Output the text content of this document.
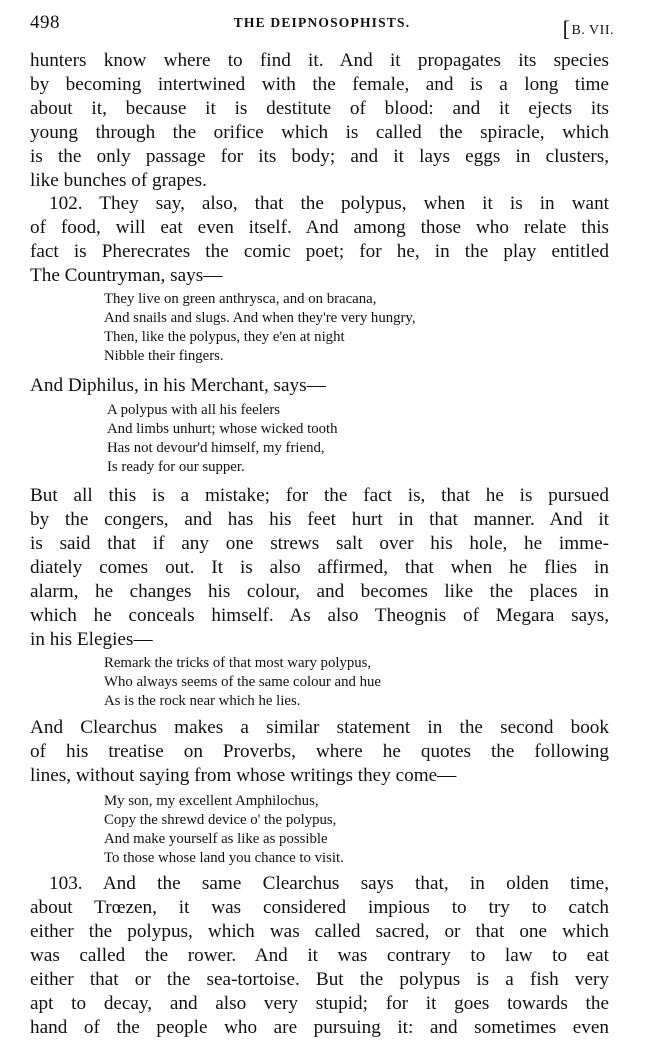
498	THE DEIPNOSOPHISTS.	[B. VII.
hunters know where to find it. And it propagates its species
by becoming intertwined with the female, and is a long time
about it, because it is destitute of blood: and it ejects its
young through the orifice which is called the spiracle, which
is the only passage for its body; and it lays eggs in clusters,
like bunches of grapes.
102. They say, also, that the polypus, when it is in want
of food, will eat even itself. And among those who relate this
fact is Pherecrates the comic poet; for he, in the play entitled
The Countryman, says—
They live on green anthrysca, and on bracana,
And snails and slugs. And when they're very hungry,
Then, like the polypus, they e'en at night
Nibble their fingers.
And Diphilus, in his Merchant, says—
A polypus with all his feelers
And limbs unhurt; whose wicked tooth
Has not devour'd himself, my friend,
Is ready for our supper.
But all this is a mistake; for the fact is, that he is pursued
by the congers, and has his feet hurt in that manner. And it
is said that if any one strews salt over his hole, he imme-
diately comes out. It is also affirmed, that when he flies in
alarm, he changes his colour, and becomes like the places in
which he conceals himself. As also Theognis of Megara says,
in his Elegies—
Remark the tricks of that most wary polypus,
Who always seems of the same colour and hue
As is the rock near which he lies.
And Clearchus makes a similar statement in the second book
of his treatise on Proverbs, where he quotes the following
lines, without saying from whose writings they come—
My son, my excellent Amphilochus,
Copy the shrewd device o' the polypus,
And make yourself as like as possible
To those whose land you chance to visit.
103. And the same Clearchus says that, in olden time,
about Trœzen, it was considered impious to try to catch
either the polypus, which was called sacred, or that one which
was called the rower. And it was contrary to law to eat
either that or the sea-tortoise. But the polypus is a fish very
apt to decay, and also very stupid; for it goes towards the
hand of the people who are pursuing it: and sometimes even
